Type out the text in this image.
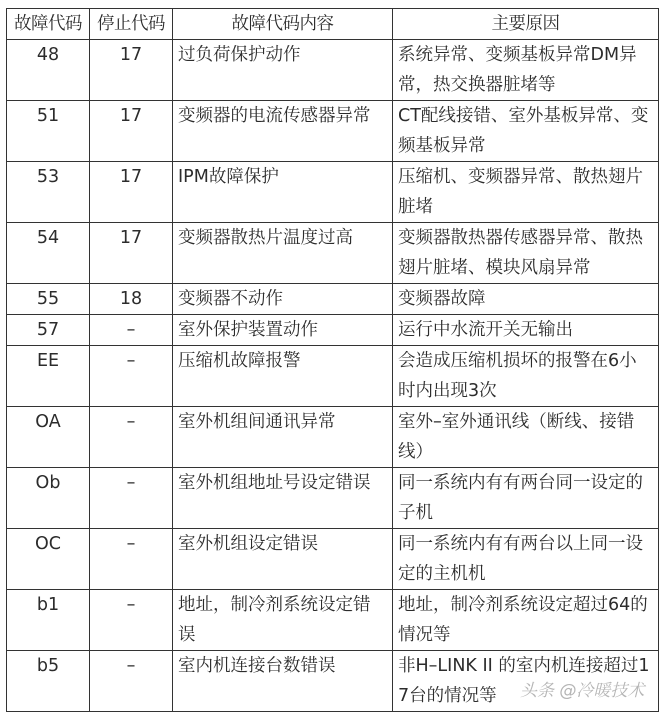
故障代码	停止代码	故障代码内容	主要原因
48	17	过负荷保护动作	系统异常、变频基板异常DM异常，热交换器脏堵等
51	17	变频器的电流传感器异常	CT配线接错、室外基板异常、变频基板异常
53	17	IPM故障保护	压缩机、变频器异常、散热翅片脏堵
54	17	变频器散热片温度过高	变频器散热器传感器异常、散热翅片脏堵、模块风扇异常
55	18	变频器不动作	变频器故障
57	–	室外保护装置动作	运行中水流开关无输出
EE	–	压缩机故障报警	会造成压缩机损坏的报警在6小时内出现3次
OA	–	室外机组间通讯异常	室外–室外通讯线（断线、接错线）
Ob	–	室外机组地址号设定错误	同一系统内有有两台同一设定的子机
OC	–	室外机组设定错误	同一系统内有有两台以上同一设定的主机机
b1	–	地址，制冷剂系统设定错误	地址，制冷剂系统设定超过64的情况等
b5	–	室内机连接台数错误	非H–LINK II 的室内机连接超过17台的情况等 头条 @冷暖技术
